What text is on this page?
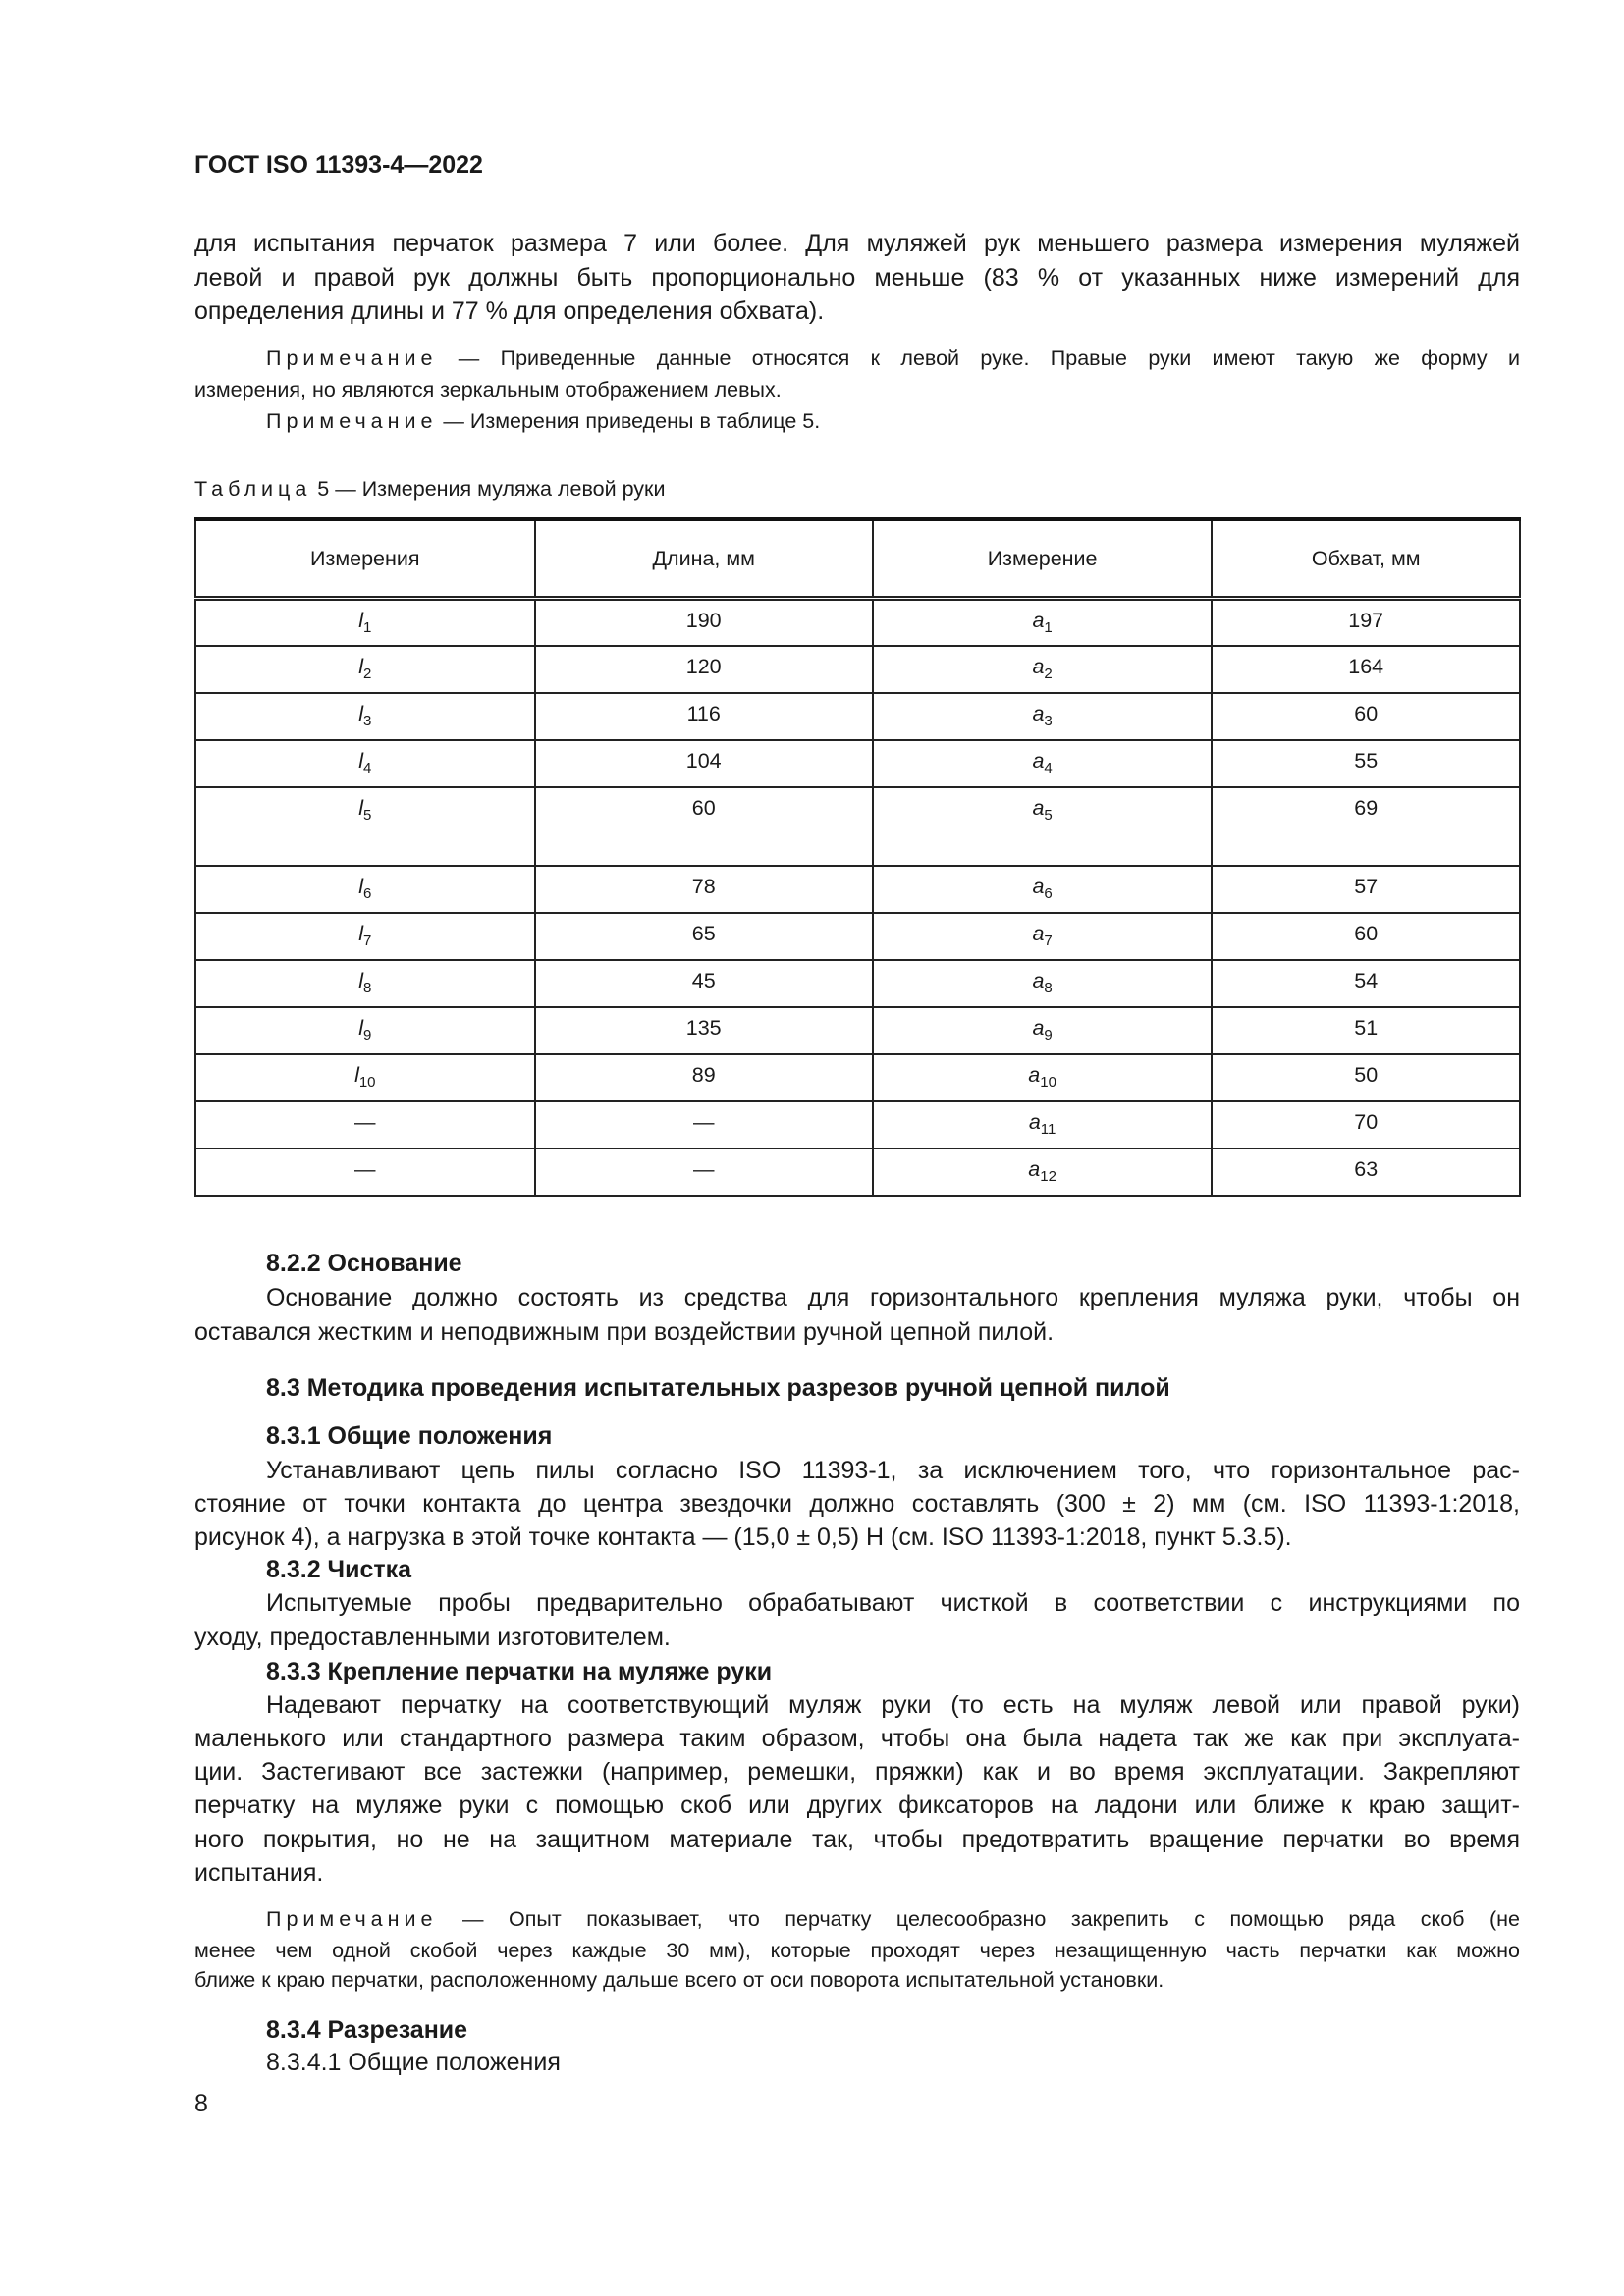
ГОСТ ISO 11393-4—2022
Таблица 5 — Измерения муляжа левой руки
Измерения	Длина, мм	Измерение	Обхват, мм
$l_1$	190	$a_1$	197
$l_2$	120	$a_2$	164
$l_3$	116	$a_3$	60
$l_4$	104	$a_4$	55
$l_5$	60	$a_5$	69
$l_6$	78	$a_6$	57
$l_7$	65	$a_7$	60
$l_8$	45	$a_8$	54
$l_9$	135	$a_9$	51
$l_{10}$	89	$a_{10}$	50
—	—	$a_{11}$	70
—	—	$a_{12}$	63
8
для испытания перчаток размера 7 или более. Для муляжей рук меньшего размера измерения муляжей
левой и правой рук должны быть пропорционально меньше (83 % от указанных ниже измерений для
определения длины и 77 % для определения обхвата).
Примечание — Приведенные данные относятся к левой руке. Правые руки имеют такую же форму и
измерения, но являются зеркальным отображением левых.
Примечание — Измерения приведены в таблице 5.
8.2.2 Основание
Основание должно состоять из средства для горизонтального крепления муляжа руки, чтобы он
оставался жестким и неподвижным при воздействии ручной цепной пилой.
8.3 Методика проведения испытательных разрезов ручной цепной пилой
8.3.1 Общие положения
Устанавливают цепь пилы согласно ISO 11393-1, за исключением того, что горизонтальное рас-
стояние от точки контакта до центра звездочки должно составлять (300 ± 2) мм (см. ISO 11393-1:2018,
рисунок 4), а нагрузка в этой точке контакта — (15,0 ± 0,5) Н (см. ISO 11393-1:2018, пункт 5.3.5).
8.3.2 Чистка
Испытуемые пробы предварительно обрабатывают чисткой в соответствии с инструкциями по
уходу, предоставленными изготовителем.
8.3.3 Крепление перчатки на муляже руки
Надевают перчатку на соответствующий муляж руки (то есть на муляж левой или правой руки)
маленького или стандартного размера таким образом, чтобы она была надета так же как при эксплуата-
ции. Застегивают все застежки (например, ремешки, пряжки) как и во время эксплуатации. Закрепляют
перчатку на муляже руки с помощью скоб или других фиксаторов на ладони или ближе к краю защит-
ного покрытия, но не на защитном материале так, чтобы предотвратить вращение перчатки во время
испытания.
Примечание — Опыт показывает, что перчатку целесообразно закрепить с помощью ряда скоб (не
менее чем одной скобой через каждые 30 мм), которые проходят через незащищенную часть перчатки как можно
ближе к краю перчатки, расположенному дальше всего от оси поворота испытательной установки.
8.3.4 Разрезание
8.3.4.1 Общие положения
